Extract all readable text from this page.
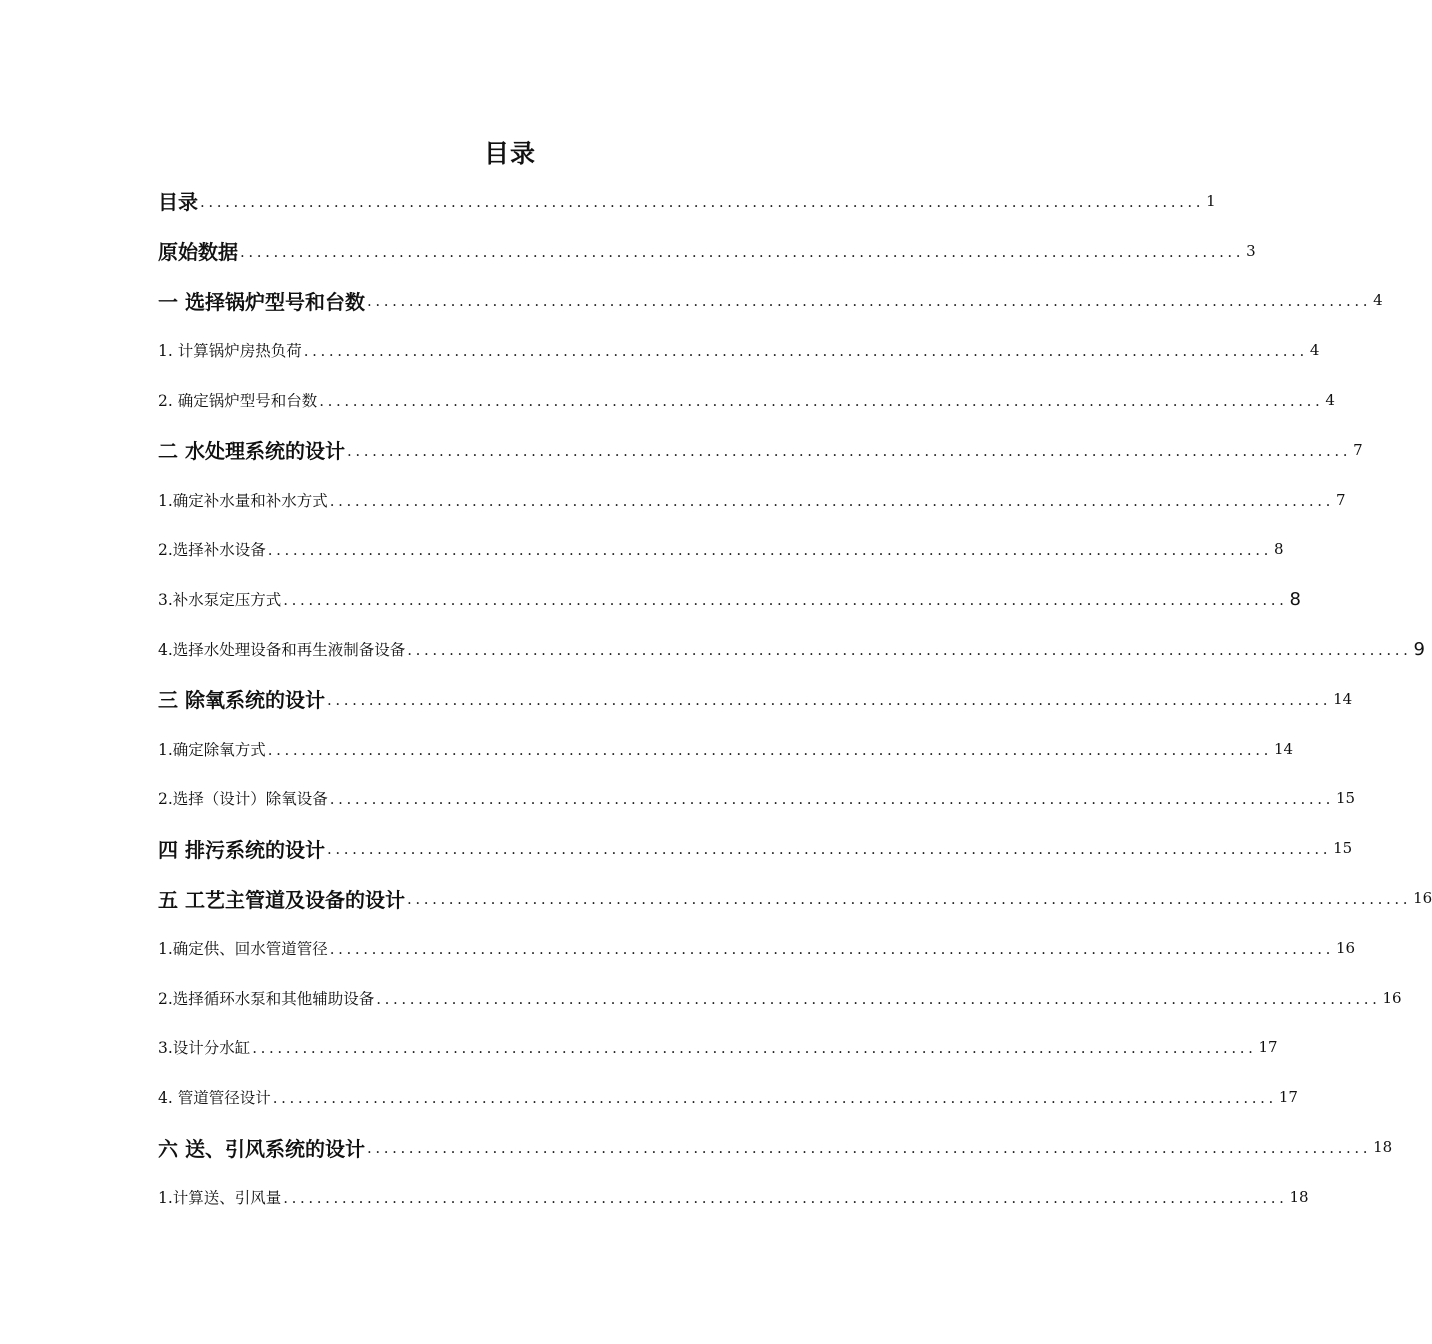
目录
目录 ........................................................................................................................ 1
原始数据 ........................................................................................................................ 3
一 选择锅炉型号和台数 ........................................................................................................................ 4
1. 计算锅炉房热负荷 ........................................................................................................................ 4
2. 确定锅炉型号和台数 ........................................................................................................................ 4
二 水处理系统的设计 ........................................................................................................................ 7
1.确定补水量和补水方式 ........................................................................................................................ 7
2.选择补水设备 ........................................................................................................................ 8
3.补水泵定压方式 ........................................................................................................................ 8
4.选择水处理设备和再生液制备设备 ........................................................................................................................ 9
三 除氧系统的设计 ........................................................................................................................ 14
1.确定除氧方式 ........................................................................................................................ 14
2.选择（设计）除氧设备 ........................................................................................................................ 15
四 排污系统的设计 ........................................................................................................................ 15
五 工艺主管道及设备的设计 ........................................................................................................................ 16
1.确定供、回水管道管径 ........................................................................................................................ 16
2.选择循环水泵和其他辅助设备 ........................................................................................................................ 16
3.设计分水缸 ........................................................................................................................ 17
4. 管道管径设计 ........................................................................................................................ 17
六 送、引风系统的设计 ........................................................................................................................ 18
1.计算送、引风量 ........................................................................................................................ 18
